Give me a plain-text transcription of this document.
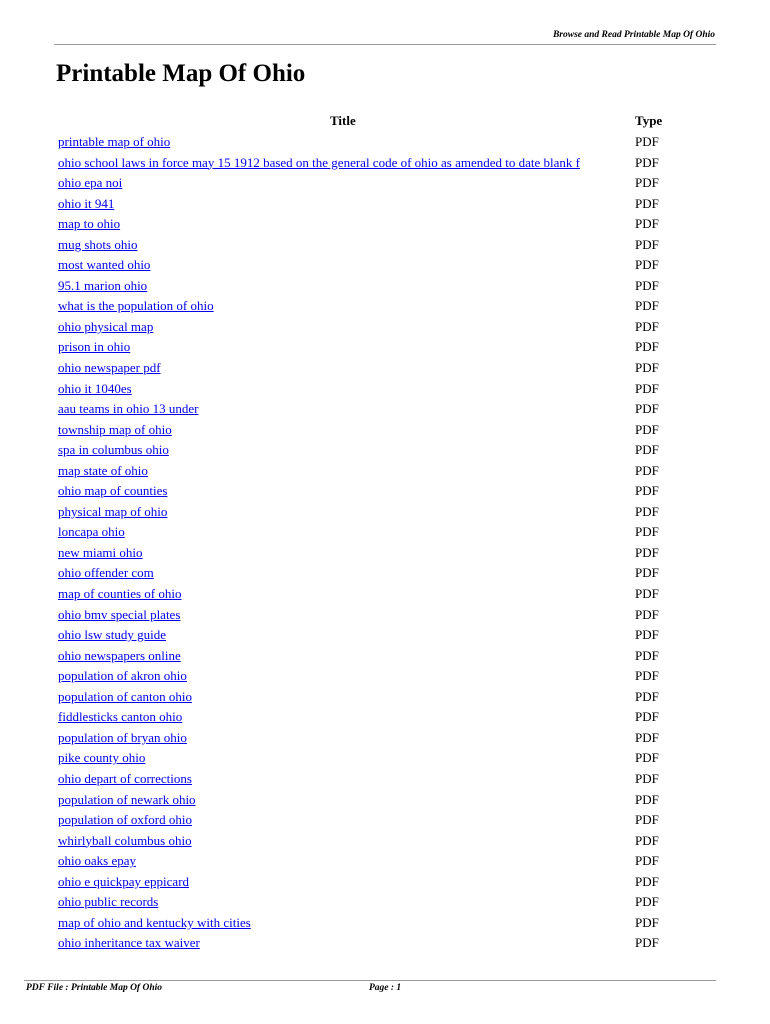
Browse and Read Printable Map Of Ohio
Printable Map Of Ohio
Title	Type
printable map of ohio	PDF
ohio school laws in force may 15 1912 based on the general code of ohio as amended to date blank f	PDF
ohio epa noi	PDF
ohio it 941	PDF
map to ohio	PDF
mug shots ohio	PDF
most wanted ohio	PDF
95.1 marion ohio	PDF
what is the population of ohio	PDF
ohio physical map	PDF
prison in ohio	PDF
ohio newspaper pdf	PDF
ohio it 1040es	PDF
aau teams in ohio 13 under	PDF
township map of ohio	PDF
spa in columbus ohio	PDF
map state of ohio	PDF
ohio map of counties	PDF
physical map of ohio	PDF
loncapa ohio	PDF
new miami ohio	PDF
ohio offender com	PDF
map of counties of ohio	PDF
ohio bmv special plates	PDF
ohio lsw study guide	PDF
ohio newspapers online	PDF
population of akron ohio	PDF
population of canton ohio	PDF
fiddlesticks canton ohio	PDF
population of bryan ohio	PDF
pike county ohio	PDF
ohio depart of corrections	PDF
population of newark ohio	PDF
population of oxford ohio	PDF
whirlyball columbus ohio	PDF
ohio oaks epay	PDF
ohio e quickpay eppicard	PDF
ohio public records	PDF
map of ohio and kentucky with cities	PDF
ohio inheritance tax waiver	PDF
PDF File : Printable Map Of Ohio	Page : 1
